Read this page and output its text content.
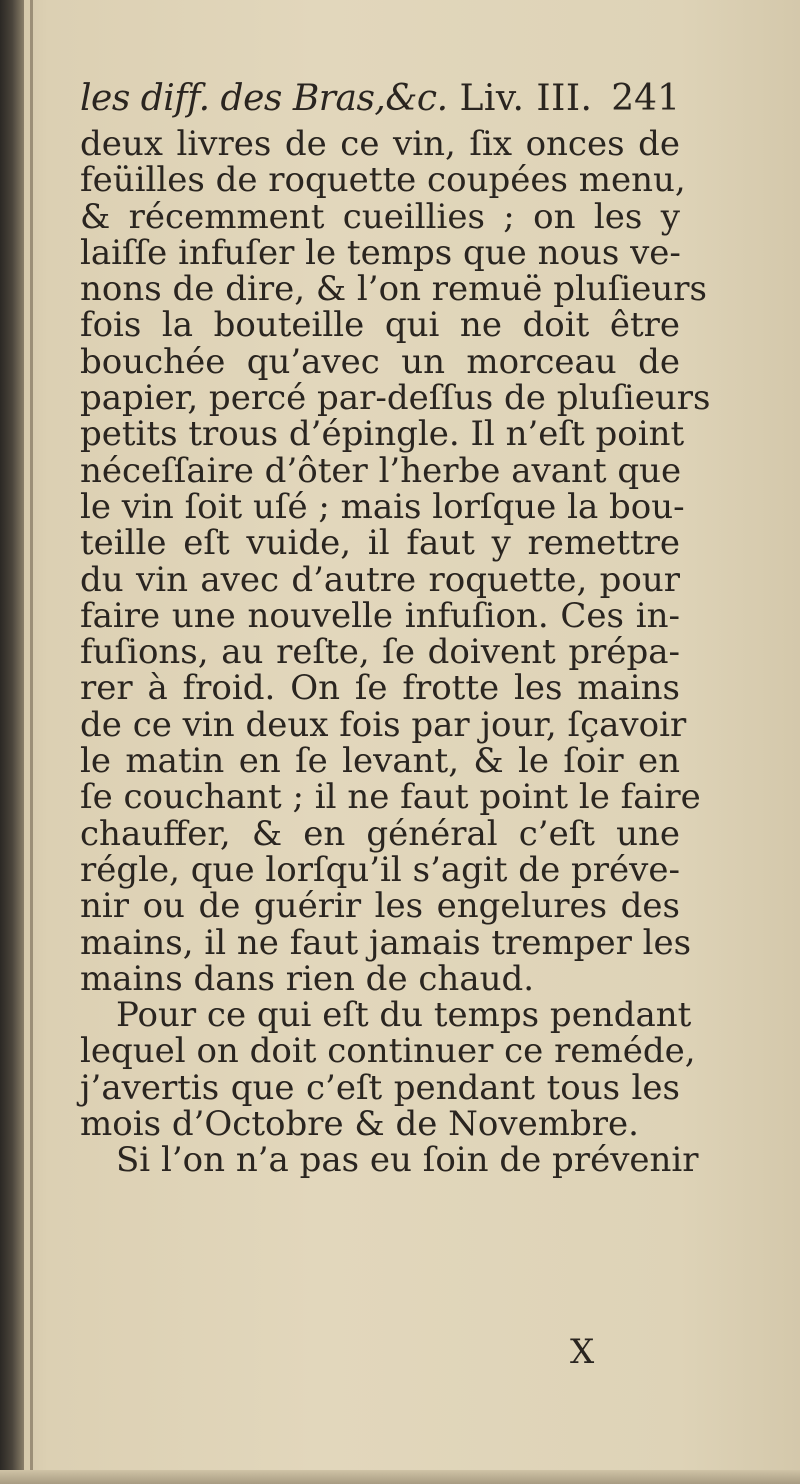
les diff. des Bras,&c. Liv. III. 241
deux livres de ce vin, ſix onces de
feüilles de roquette coupées menu,
& récemment cueillies ; on les y
laiſſe infuſer le temps que nous ve-
nons de dire, & l’on remuë pluſieurs
fois la bouteille qui ne doit être
bouchée qu’avec un morceau de
papier, percé par-deſſus de pluſieurs
petits trous d’épingle. Il n’eſt point
néceſſaire d’ôter l’herbe avant que
le vin ſoit uſé ; mais lorſque la bou-
teille eſt vuide, il faut y remettre
du vin avec d’autre roquette, pour
faire une nouvelle infuſion. Ces in-
fuſions, au reſte, ſe doivent prépa-
rer à froid. On ſe frotte les mains
de ce vin deux fois par jour, ſçavoir
le matin en ſe levant, & le ſoir en
ſe couchant ; il ne faut point le faire
chauffer, & en général c’eſt une
régle, que lorſqu’il s’agit de préve-
nir ou de guérir les engelures des
mains, il ne faut jamais tremper les
mains dans rien de chaud.
Pour ce qui eſt du temps pendant
lequel on doit continuer ce reméde,
j’avertis que c’eſt pendant tous les
mois d’Octobre & de Novembre.
Si l’on n’a pas eu ſoin de prévenir
X
